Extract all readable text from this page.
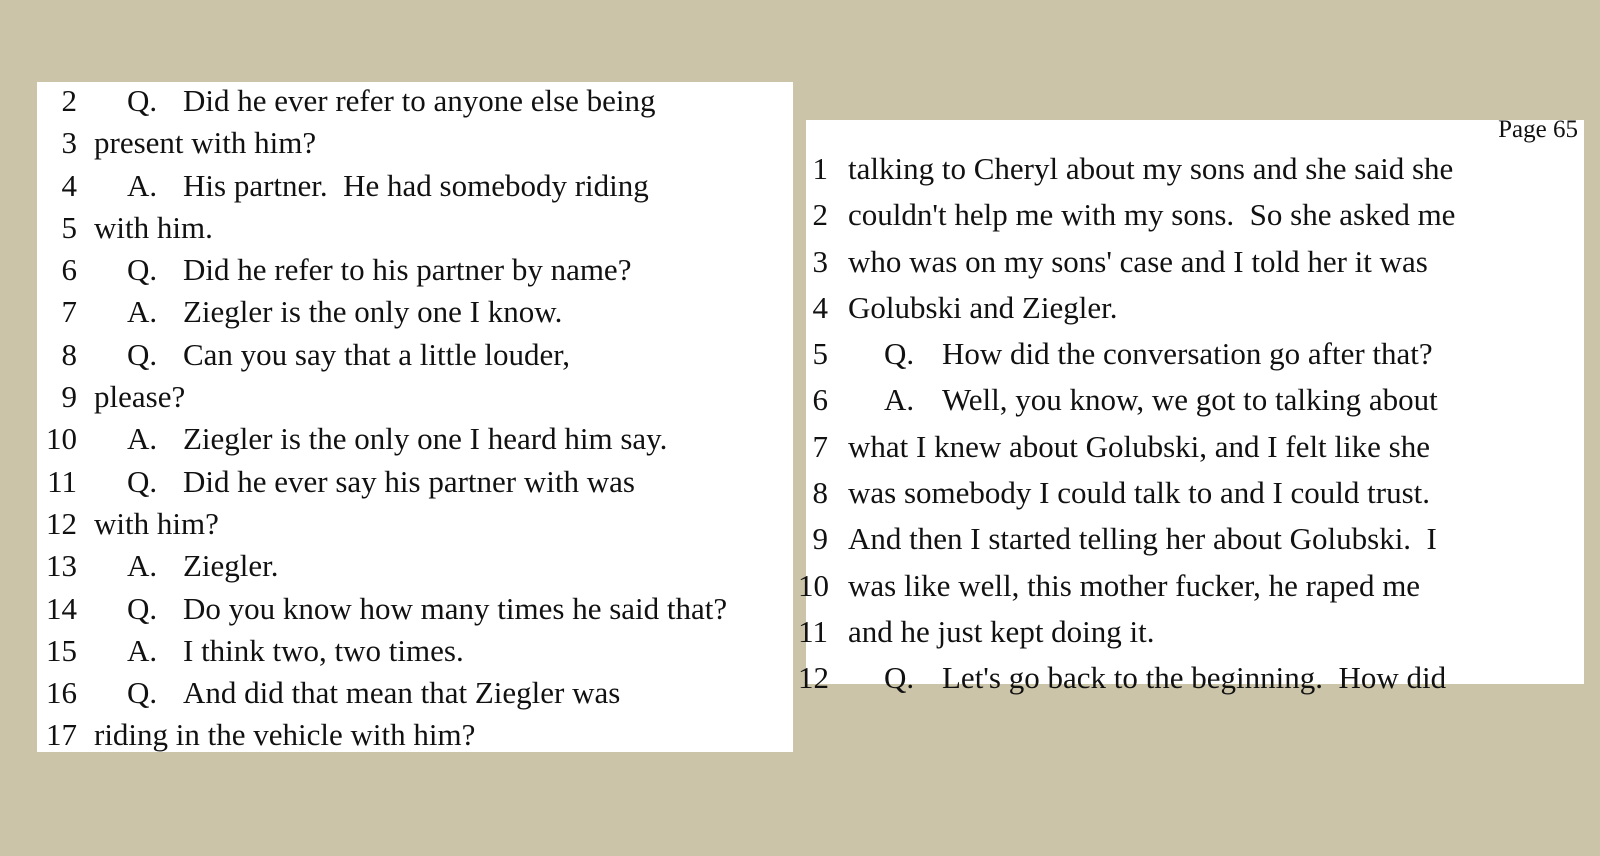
2 Q. Did he ever refer to anyone else being
3 present with him?
4 A. His partner.  He had somebody riding
5 with him.
6 Q. Did he refer to his partner by name?
7 A. Ziegler is the only one I know.
8 Q. Can you say that a little louder,
9 please?
10 A. Ziegler is the only one I heard him say.
11 Q. Did he ever say his partner with was
12 with him?
13 A. Ziegler.
14 Q. Do you know how many times he said that?
15 A. I think two, two times.
16 Q. And did that mean that Ziegler was
17 riding in the vehicle with him?
Page 65
1 talking to Cheryl about my sons and she said she
2 couldn't help me with my sons.  So she asked me
3 who was on my sons' case and I told her it was
4 Golubski and Ziegler.
5 Q. How did the conversation go after that?
6 A. Well, you know, we got to talking about
7 what I knew about Golubski, and I felt like she
8 was somebody I could talk to and I could trust.
9 And then I started telling her about Golubski.  I
10 was like well, this mother fucker, he raped me
11 and he just kept doing it.
12 Q. Let's go back to the beginning.  How did
